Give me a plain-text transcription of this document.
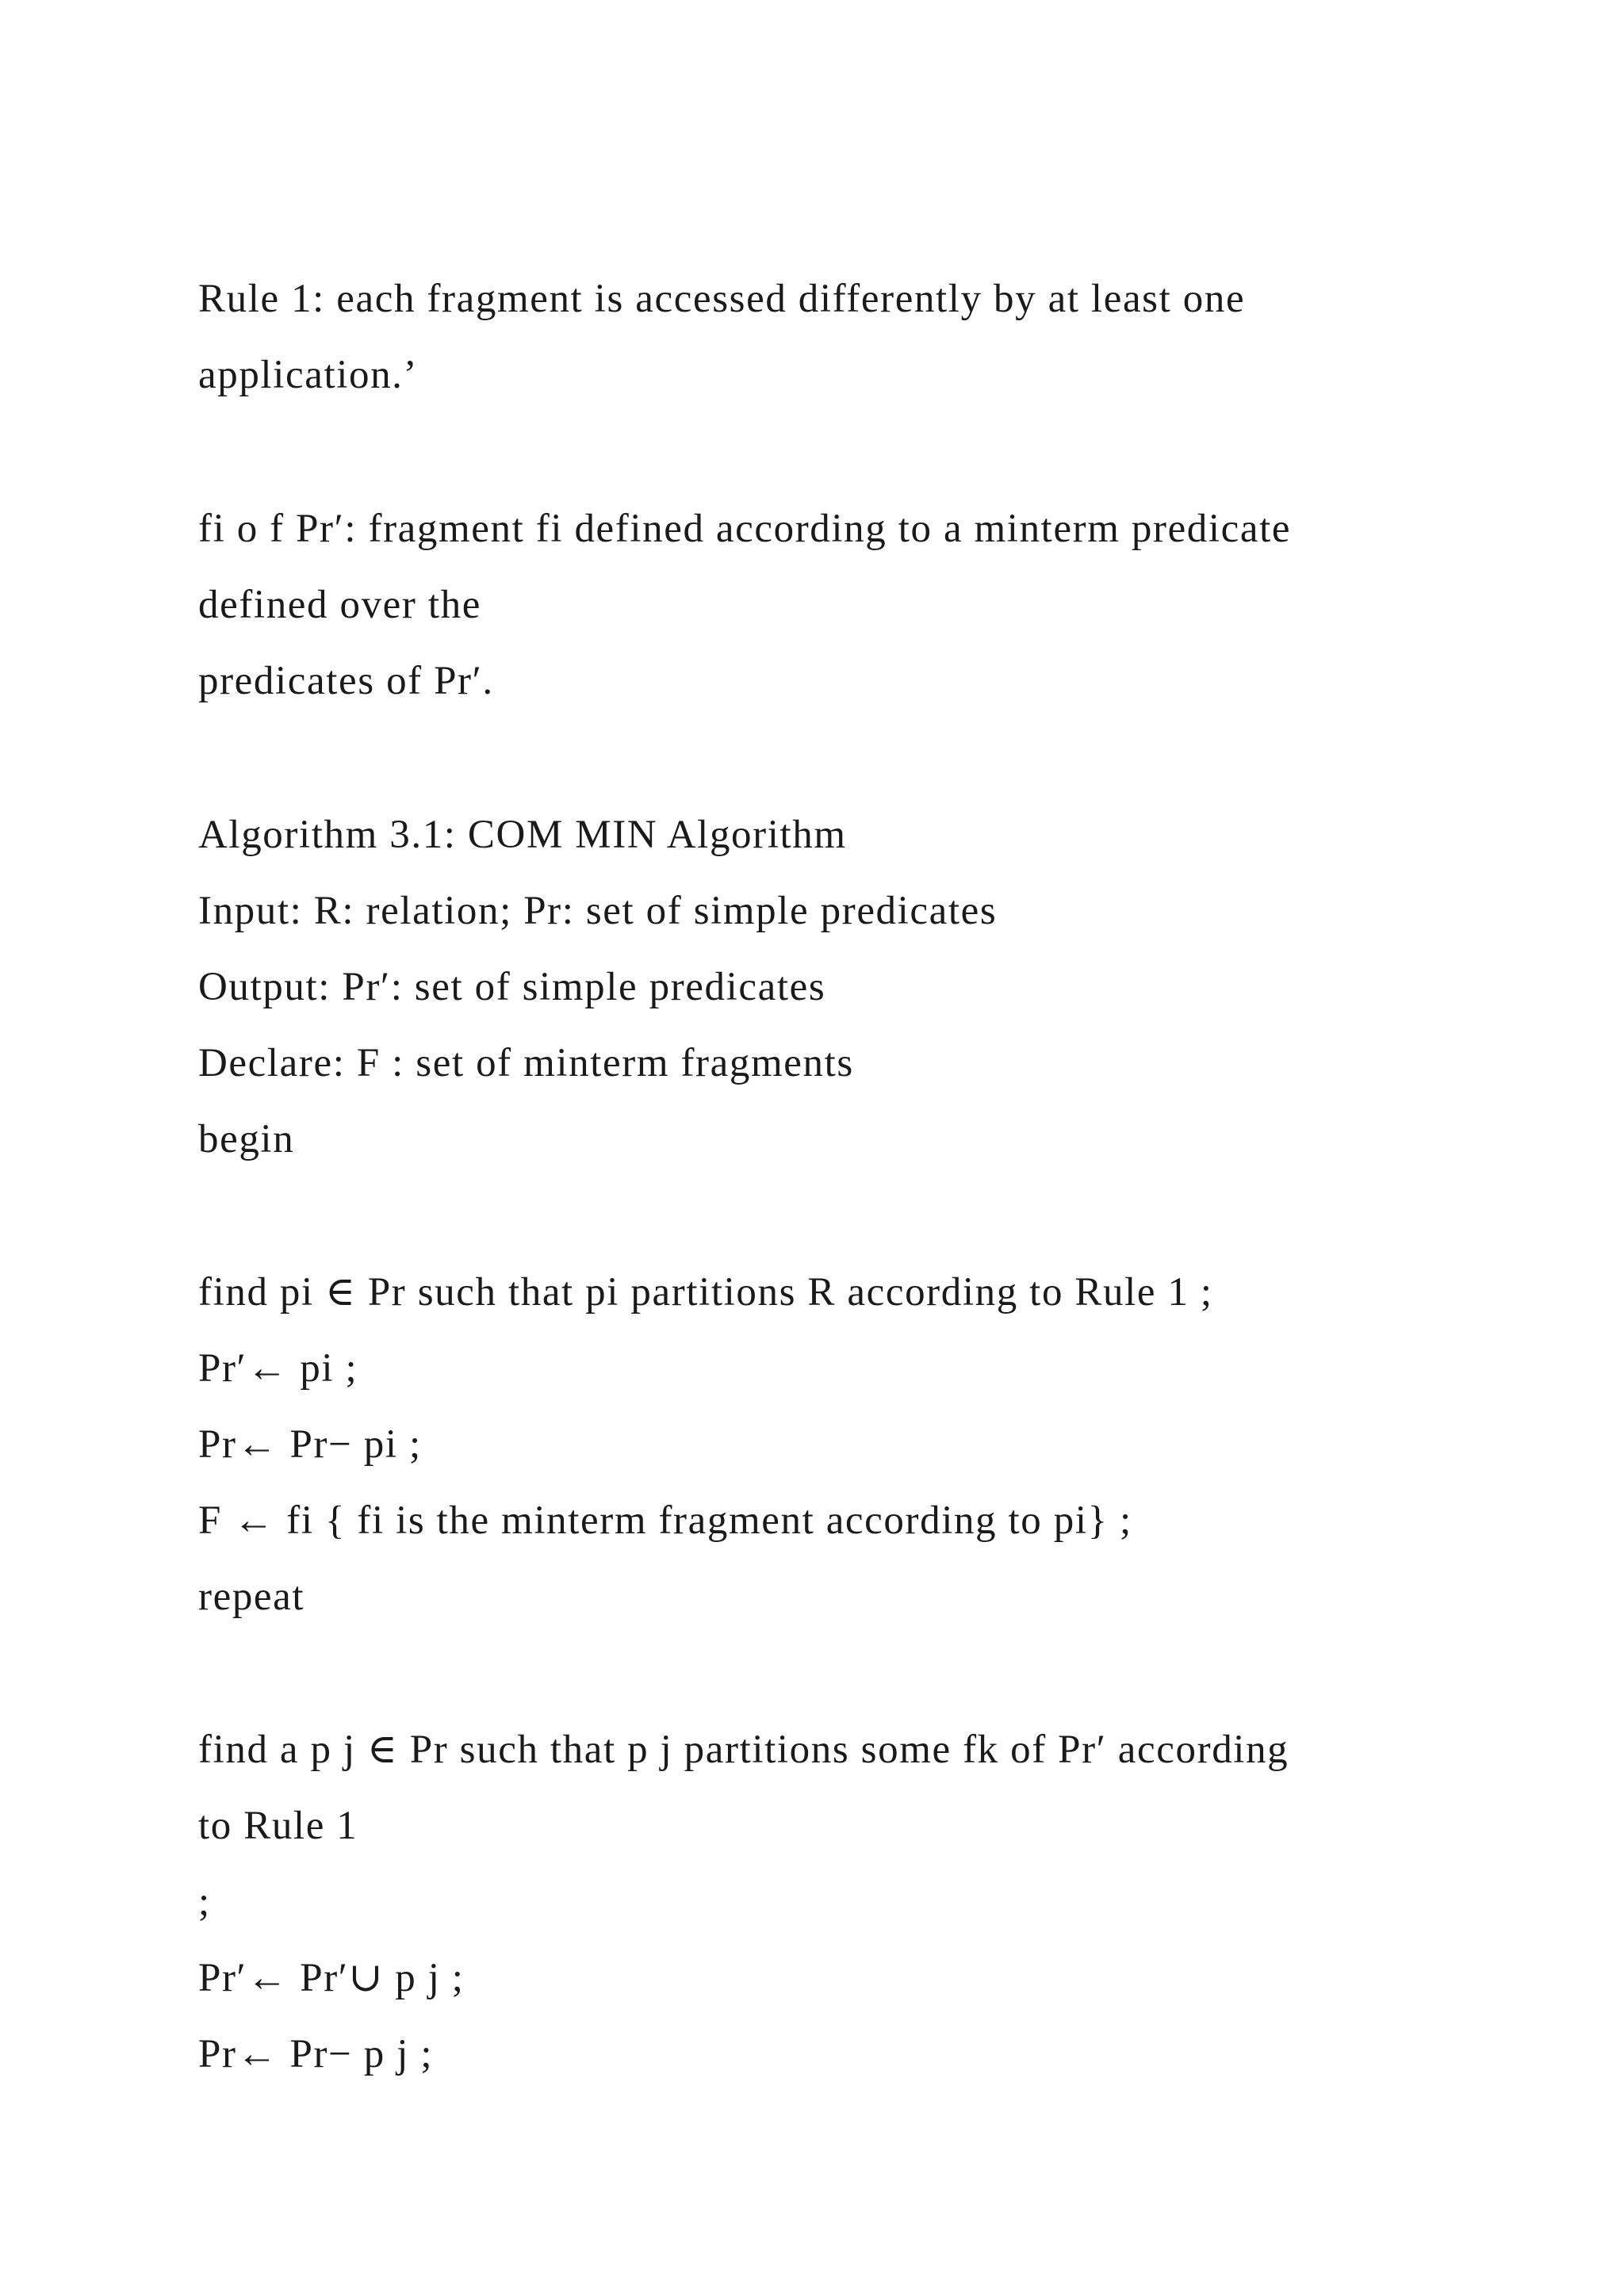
Rule 1: each fragment is accessed differently by at least one

application.’

fi o f Pr′: fragment fi defined according to a minterm predicate

defined over the

predicates of Pr′.

Algorithm 3.1: COM MIN Algorithm

Input: R: relation; Pr: set of simple predicates

Output: Pr′: set of simple predicates

Declare: F : set of minterm fragments

begin

find pi ∈ Pr such that pi partitions R according to Rule 1 ;

Pr′← pi ;

Pr← Pr− pi ;

F ← fi { fi is the minterm fragment according to pi} ;

repeat

find a p j ∈ Pr such that p j partitions some fk of Pr′ according

to Rule 1

;

Pr′← Pr′∪ p j ;

Pr← Pr− p j ;
